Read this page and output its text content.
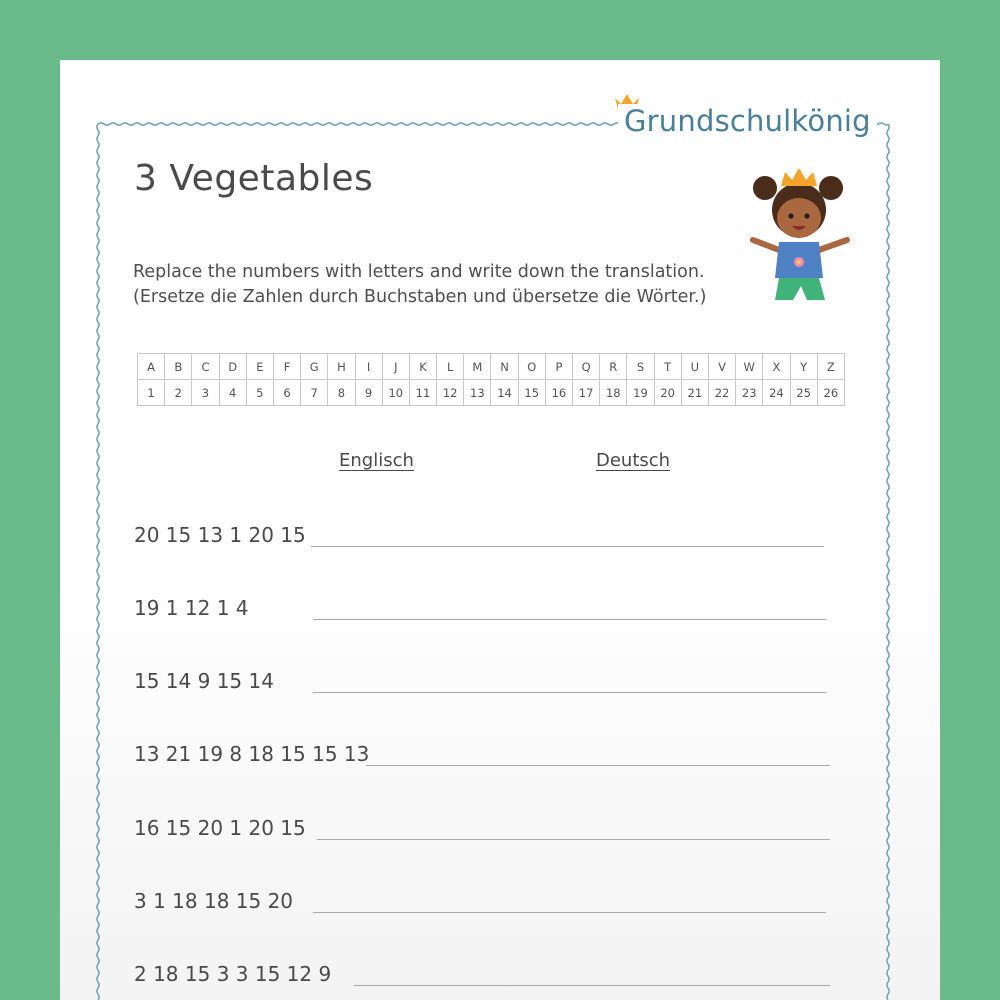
Grundschulkönig
3 Vegetables
Replace the numbers with letters and write down the translation.
(Ersetze die Zahlen durch Buchstaben und übersetze die Wörter.)
A	B	C	D	E	F	G	H	I	J	K	L	M	N	O	P	Q	R	S	T	U	V	W	X	Y	Z
1	2	3	4	5	6	7	8	9	10	11	12	13	14	15	16	17	18	19	20	21	22	23	24	25	26
Englisch	Deutsch
20 15 13 1 20 15
19 1 12 1 4
15 14 9 15 14
13 21 19 8 18 15 15 13
16 15 20 1 20 15
3 1 18 18 15 20
2 18 15 3 3 15 12 9
